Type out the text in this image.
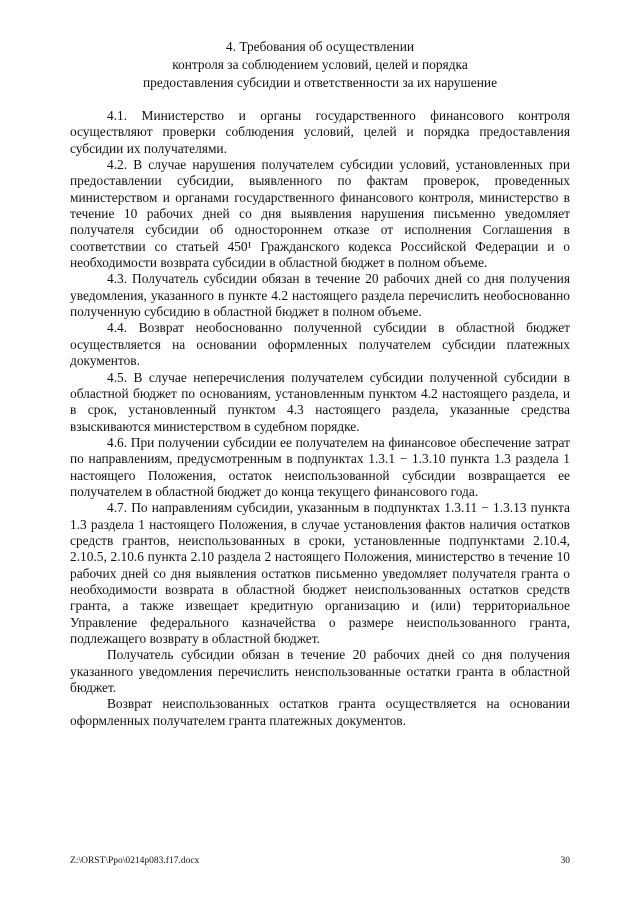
4. Требования об осуществлении
контроля за соблюдением условий, целей и порядка
предоставления субсидии и ответственности за их нарушение

4.1. Министерство и органы государственного финансового контроля осуществляют проверки соблюдения условий, целей и порядка предоставления субсидии их получателями.

4.2. В случае нарушения получателем субсидии условий, установленных при предоставлении субсидии, выявленного по фактам проверок, проведенных министерством и органами государственного финансового контроля, министерство в течение 10 рабочих дней со дня выявления нарушения письменно уведомляет получателя субсидии об одностороннем отказе от исполнения Соглашения в соответствии со статьей 450¹ Гражданского кодекса Российской Федерации и о необходимости возврата субсидии в областной бюджет в полном объеме.

4.3. Получатель субсидии обязан в течение 20 рабочих дней со дня получения уведомления, указанного в пункте 4.2 настоящего раздела перечислить необоснованно полученную субсидию в областной бюджет в полном объеме.

4.4. Возврат необоснованно полученной субсидии в областной бюджет осуществляется на основании оформленных получателем субсидии платежных документов.

4.5. В случае неперечисления получателем субсидии полученной субсидии в областной бюджет по основаниям, установленным пунктом 4.2 настоящего раздела, и в срок, установленный пунктом 4.3 настоящего раздела, указанные средства взыскиваются министерством в судебном порядке.

4.6. При получении субсидии ее получателем на финансовое обеспечение затрат по направлениям, предусмотренным в подпунктах 1.3.1 − 1.3.10 пункта 1.3 раздела 1 настоящего Положения, остаток неиспользованной субсидии возвращается ее получателем в областной бюджет до конца текущего финансового года.

4.7. По направлениям субсидии, указанным в подпунктах 1.3.11 − 1.3.13 пункта 1.3 раздела 1 настоящего Положения, в случае установления фактов наличия остатков средств грантов, неиспользованных в сроки, установленные подпунктами 2.10.4, 2.10.5, 2.10.6 пункта 2.10 раздела 2 настоящего Положения, министерство в течение 10 рабочих дней со дня выявления остатков письменно уведомляет получателя гранта о необходимости возврата в областной бюджет неиспользованных остатков средств гранта, а также извещает кредитную организацию и (или) территориальное Управление федерального казначейства о размере неиспользованного гранта, подлежащего возврату в областной бюджет.

Получатель субсидии обязан в течение 20 рабочих дней со дня получения указанного уведомления перечислить неиспользованные остатки гранта в областной бюджет.

Возврат неиспользованных остатков гранта осуществляется на основании оформленных получателем гранта платежных документов.

Z:\ORST\Ppo\0214p083.f17.docx	30
